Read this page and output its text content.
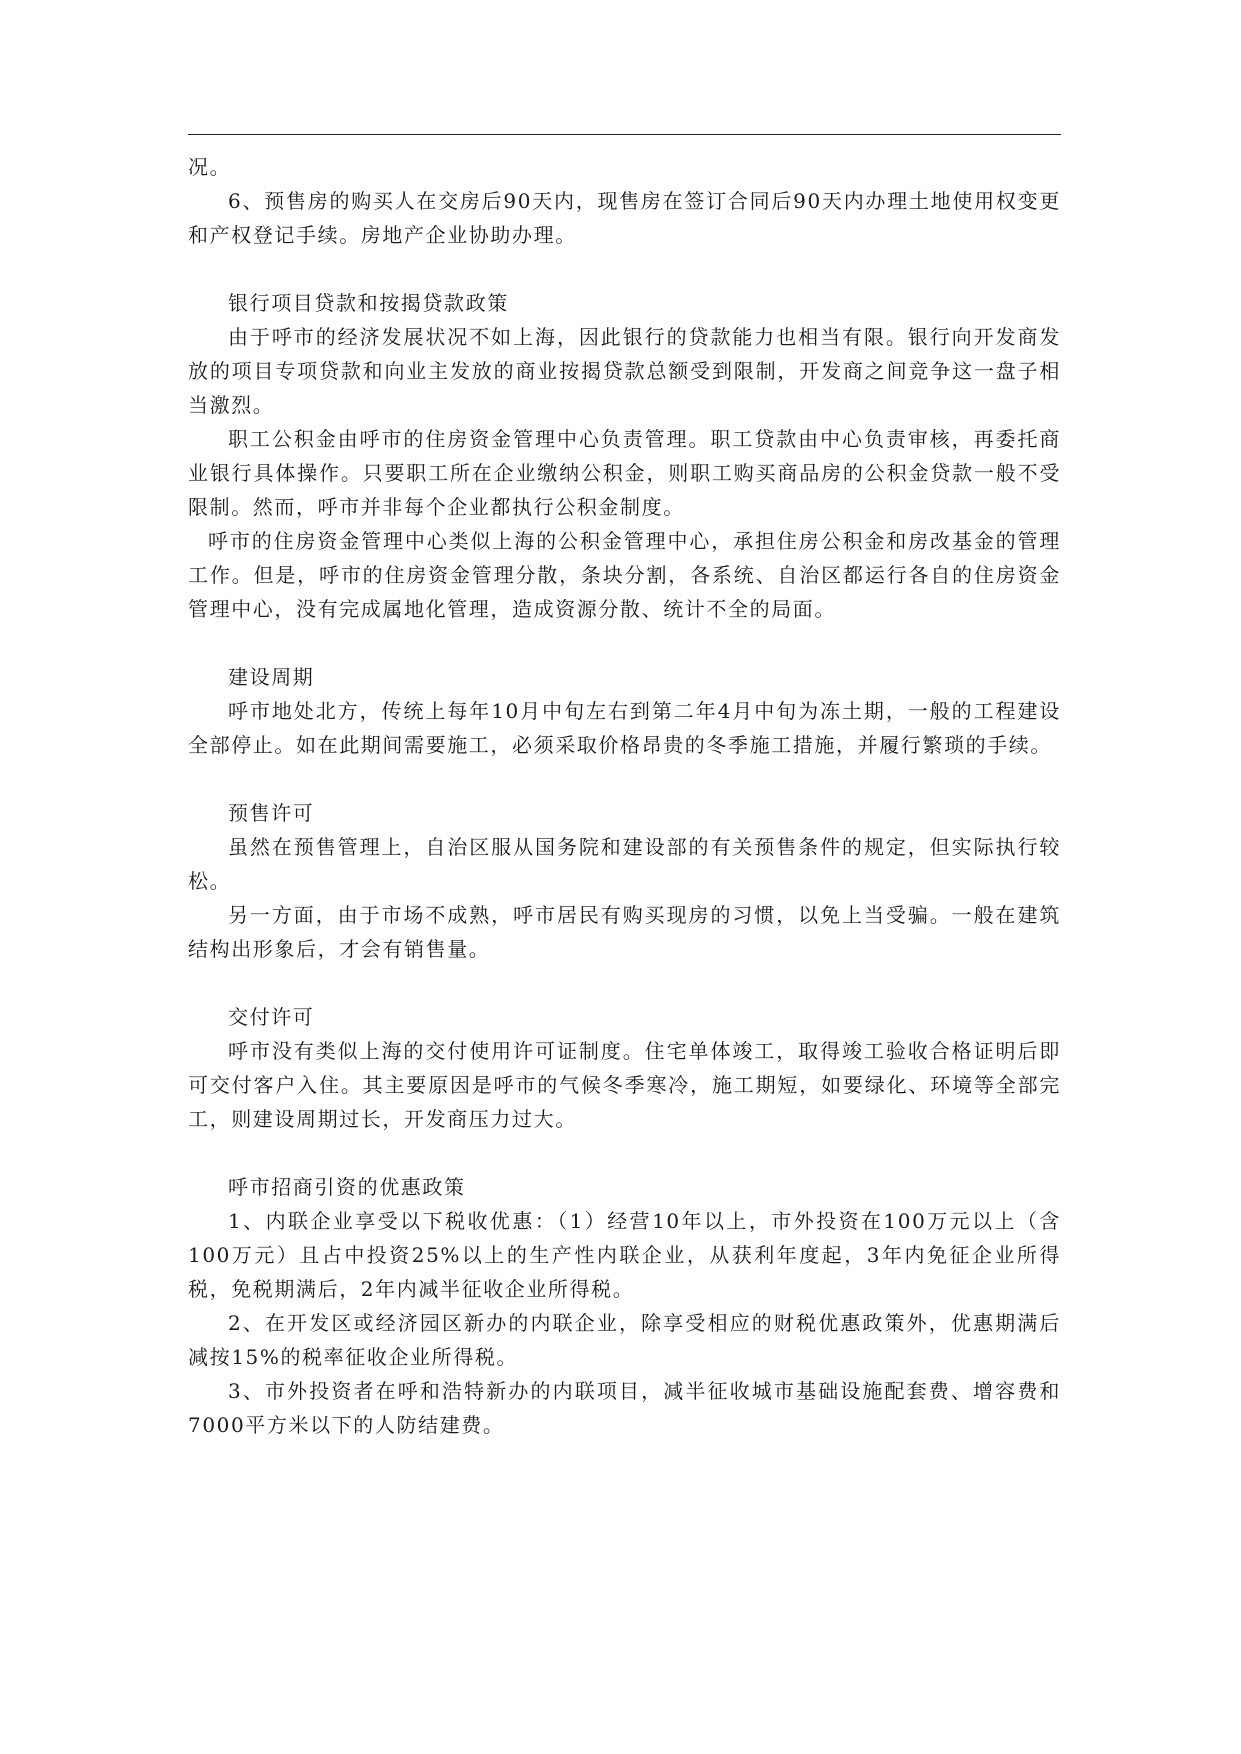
况。

6、预售房的购买人在交房后90天内，现售房在签订合同后90天内办理土地使用权变更和产权登记手续。房地产企业协助办理。

银行项目贷款和按揭贷款政策

由于呼市的经济发展状况不如上海，因此银行的贷款能力也相当有限。银行向开发商发放的项目专项贷款和向业主发放的商业按揭贷款总额受到限制，开发商之间竞争这一盘子相当激烈。

职工公积金由呼市的住房资金管理中心负责管理。职工贷款由中心负责审核，再委托商业银行具体操作。只要职工所在企业缴纳公积金，则职工购买商品房的公积金贷款一般不受限制。然而，呼市并非每个企业都执行公积金制度。

呼市的住房资金管理中心类似上海的公积金管理中心，承担住房公积金和房改基金的管理工作。但是，呼市的住房资金管理分散，条块分割，各系统、自治区都运行各自的住房资金管理中心，没有完成属地化管理，造成资源分散、统计不全的局面。

建设周期

呼市地处北方，传统上每年10月中旬左右到第二年4月中旬为冻土期，一般的工程建设全部停止。如在此期间需要施工，必须采取价格昂贵的冬季施工措施，并履行繁琐的手续。

预售许可

虽然在预售管理上，自治区服从国务院和建设部的有关预售条件的规定，但实际执行较松。

另一方面，由于市场不成熟，呼市居民有购买现房的习惯，以免上当受骗。一般在建筑结构出形象后，才会有销售量。

交付许可

呼市没有类似上海的交付使用许可证制度。住宅单体竣工，取得竣工验收合格证明后即可交付客户入住。其主要原因是呼市的气候冬季寒冷，施工期短，如要绿化、环境等全部完工，则建设周期过长，开发商压力过大。

呼市招商引资的优惠政策

1、内联企业享受以下税收优惠：（1）经营10年以上，市外投资在100万元以上（含100万元）且占中投资25%以上的生产性内联企业，从获利年度起，3年内免征企业所得税，免税期满后，2年内减半征收企业所得税。

2、在开发区或经济园区新办的内联企业，除享受相应的财税优惠政策外，优惠期满后减按15%的税率征收企业所得税。

3、市外投资者在呼和浩特新办的内联项目，减半征收城市基础设施配套费、增容费和7000平方米以下的人防结建费。
